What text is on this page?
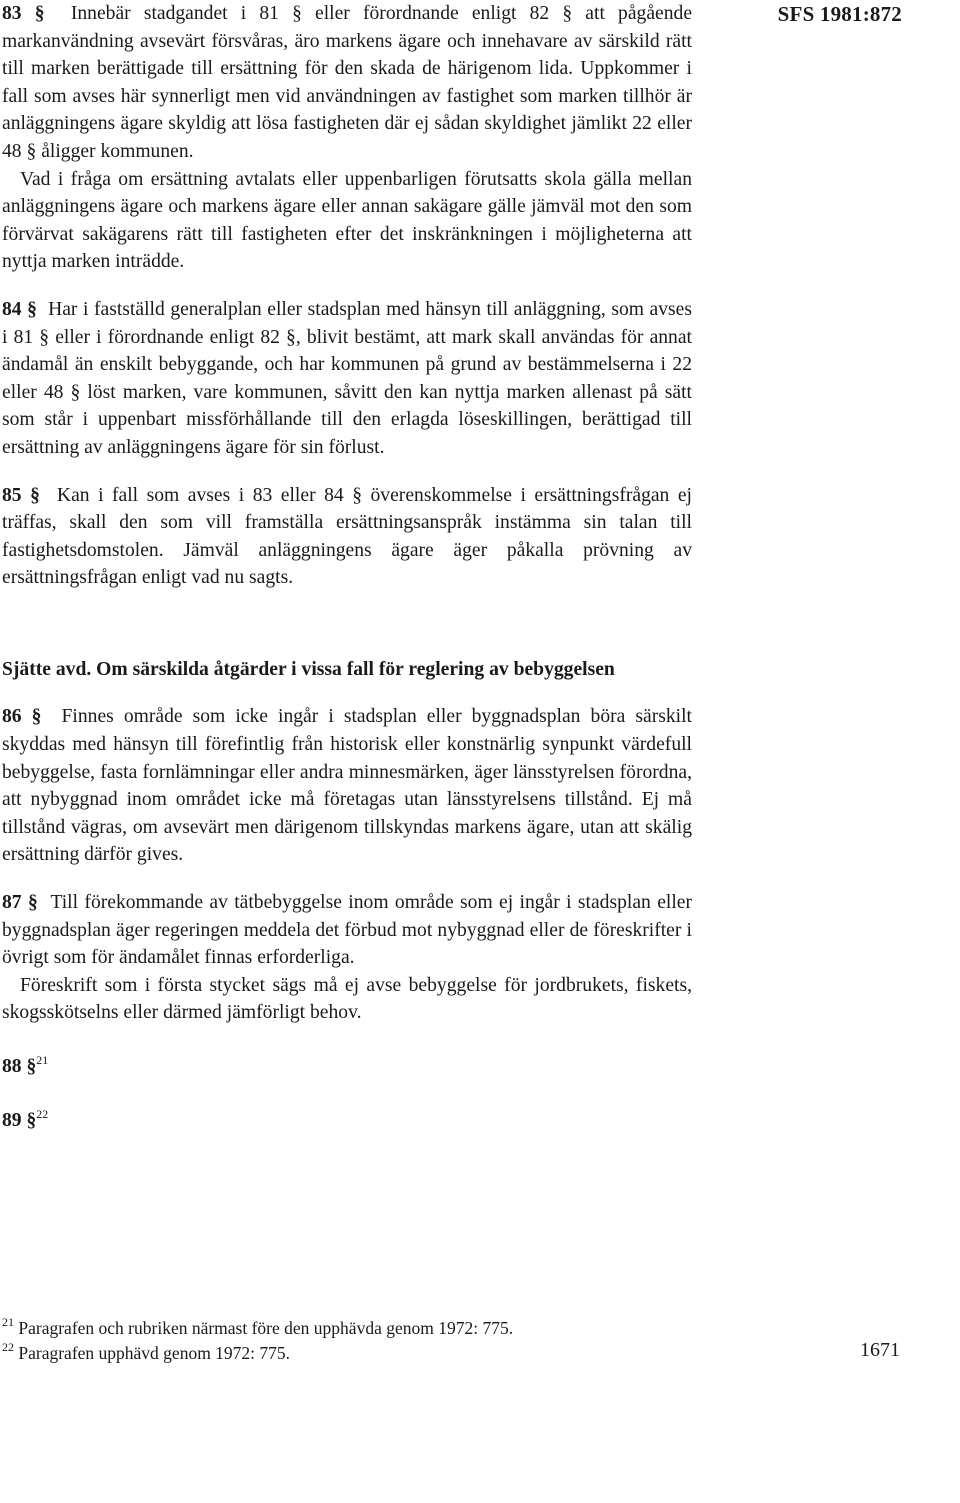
SFS 1981:872

83 § Innebär stadgandet i 81 § eller förordnande enligt 82 § att pågående markanvändning avsevärt försvåras, äro markens ägare och innehavare av särskild rätt till marken berättigade till ersättning för den skada de härigenom lida. Uppkommer i fall som avses här synnerligt men vid användningen av fastighet som marken tillhör är anläggningens ägare skyldig att lösa fastigheten där ej sådan skyldighet jämlikt 22 eller 48 § åligger kommunen.

Vad i fråga om ersättning avtalats eller uppenbarligen förutsatts skola gälla mellan anläggningens ägare och markens ägare eller annan sakägare gälle jämväl mot den som förvärvat sakägarens rätt till fastigheten efter det inskränkningen i möjligheterna att nyttja marken inträdde.

84 § Har i fastställd generalplan eller stadsplan med hänsyn till anläggning, som avses i 81 § eller i förordnande enligt 82 §, blivit bestämt, att mark skall användas för annat ändamål än enskilt bebyggande, och har kommunen på grund av bestämmelserna i 22 eller 48 § löst marken, vare kommunen, såvitt den kan nyttja marken allenast på sätt som står i uppenbart missförhållande till den erlagda löseskillingen, berättigad till ersättning av anläggningens ägare för sin förlust.

85 § Kan i fall som avses i 83 eller 84 § överenskommelse i ersättningsfrågan ej träffas, skall den som vill framställa ersättningsanspråk instämma sin talan till fastighetsdomstolen. Jämväl anläggningens ägare äger påkalla prövning av ersättningsfrågan enligt vad nu sagts.

Sjätte avd. Om särskilda åtgärder i vissa fall för reglering av bebyggelsen

86 § Finnes område som icke ingår i stadsplan eller byggnadsplan böra särskilt skyddas med hänsyn till förefintlig från historisk eller konstnärlig synpunkt värdefull bebyggelse, fasta fornlämningar eller andra minnesmärken, äger länsstyrelsen förordna, att nybyggnad inom området icke må företagas utan länsstyrelsens tillstånd. Ej må tillstånd vägras, om avsevärt men därigenom tillskyndas markens ägare, utan att skälig ersättning därför gives.

87 § Till förekommande av tätbebyggelse inom område som ej ingår i stadsplan eller byggnadsplan äger regeringen meddela det förbud mot nybyggnad eller de föreskrifter i övrigt som för ändamålet finnas erforderliga.

Föreskrift som i första stycket sägs må ej avse bebyggelse för jordbrukets, fiskets, skogsskötselns eller därmed jämförligt behov.

88 §$^{21}$

89 §$^{22}$

$^{21}$ Paragrafen och rubriken närmast före den upphävda genom 1972: 775.
$^{22}$ Paragrafen upphävd genom 1972: 775.	1671
